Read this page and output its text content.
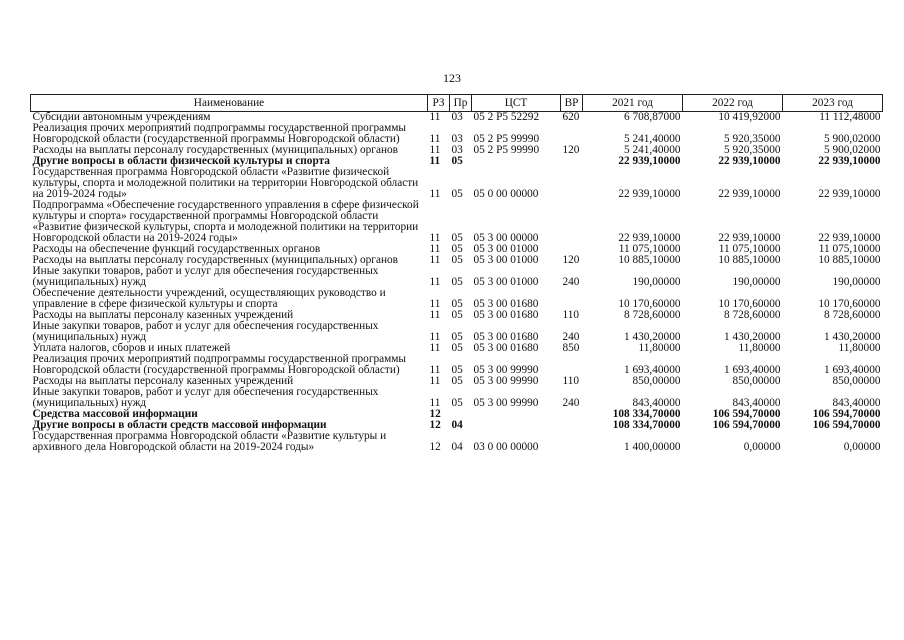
123
Наименование	РЗ	Пр	ЦСТ	ВР	2021 год	2022 год	2023 год
Субсидии автономным учреждениям	11	03	05 2 P5 52292	620	6 708,87000	10 419,92000	11 112,48000
Реализация прочих мероприятий подпрограммы государственной программы Новгородской области (государственной программы Новгородской области)	11	03	05 2 P5 99990		5 241,40000	5 920,35000	5 900,02000
Расходы на выплаты персоналу государственных (муниципальных) органов	11	03	05 2 P5 99990	120	5 241,40000	5 920,35000	5 900,02000
Другие вопросы в области физической культуры и спорта	11	05			22 939,10000	22 939,10000	22 939,10000
Государственная программа Новгородской области «Развитие физической культуры, спорта и молодежной политики на территории Новгородской области на 2019-2024 годы»	11	05	05 0 00 00000		22 939,10000	22 939,10000	22 939,10000
Подпрограмма «Обеспечение государственного управления в сфере физической культуры и спорта» государственной программы Новгородской области «Развитие физической культуры, спорта и молодежной политики на территории Новгородской области на 2019-2024 годы»	11	05	05 3 00 00000		22 939,10000	22 939,10000	22 939,10000
Расходы на обеспечение функций государственных органов	11	05	05 3 00 01000		11 075,10000	11 075,10000	11 075,10000
Расходы на выплаты персоналу государственных (муниципальных) органов	11	05	05 3 00 01000	120	10 885,10000	10 885,10000	10 885,10000
Иные закупки товаров, работ и услуг для обеспечения государственных (муниципальных) нужд	11	05	05 3 00 01000	240	190,00000	190,00000	190,00000
Обеспечение деятельности учреждений, осуществляющих руководство и управление в сфере физической культуры и спорта	11	05	05 3 00 01680		10 170,60000	10 170,60000	10 170,60000
Расходы на выплаты персоналу казенных учреждений	11	05	05 3 00 01680	110	8 728,60000	8 728,60000	8 728,60000
Иные закупки товаров, работ и услуг для обеспечения государственных (муниципальных) нужд	11	05	05 3 00 01680	240	1 430,20000	1 430,20000	1 430,20000
Уплата налогов, сборов и иных платежей	11	05	05 3 00 01680	850	11,80000	11,80000	11,80000
Реализация прочих мероприятий подпрограммы государственной программы Новгородской области (государственной программы Новгородской области)	11	05	05 3 00 99990		1 693,40000	1 693,40000	1 693,40000
Расходы на выплаты персоналу казенных учреждений	11	05	05 3 00 99990	110	850,00000	850,00000	850,00000
Иные закупки товаров, работ и услуг для обеспечения государственных (муниципальных) нужд	11	05	05 3 00 99990	240	843,40000	843,40000	843,40000
Средства массовой информации	12				108 334,70000	106 594,70000	106 594,70000
Другие вопросы в области средств массовой информации	12	04			108 334,70000	106 594,70000	106 594,70000
Государственная программа Новгородской области «Развитие культуры и архивного дела Новгородской области на 2019-2024 годы»	12	04	03 0 00 00000		1 400,00000	0,00000	0,00000
